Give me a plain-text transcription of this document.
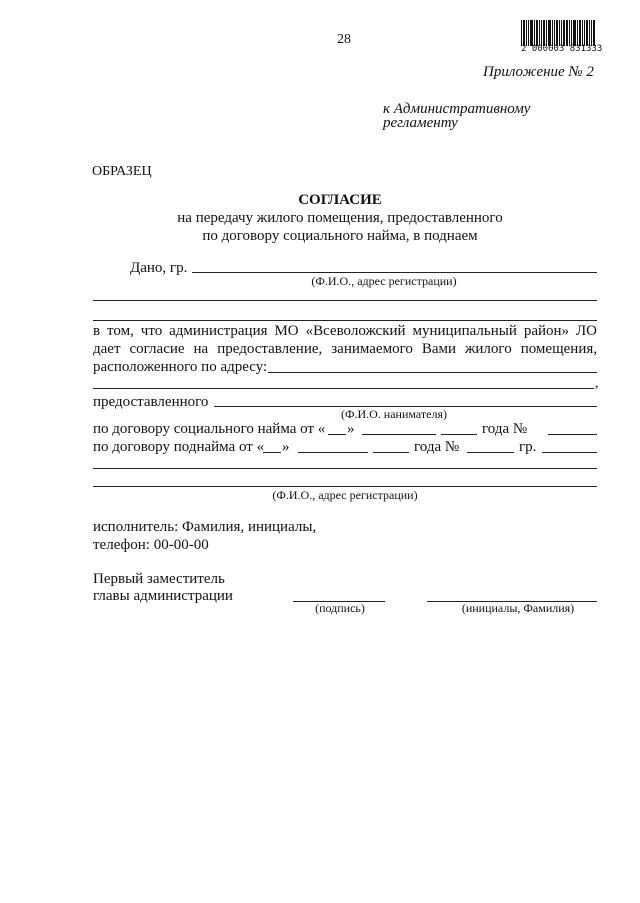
28
2 000003 831333
Приложение № 2
к Административному
регламенту
ОБРАЗЕЦ
СОГЛАСИЕ
на передачу жилого помещения, предоставленного
по договору социального найма, в поднаем
Дано, гр.
(Ф.И.О., адрес регистрации)
в том, что администрация МО «Всеволожский муниципальный район» ЛО
дает согласие на предоставление, занимаемого Вами жилого помещения,
расположенного по адресу:
,
предоставленного
(Ф.И.О. нанимателя)
по договору социального найма от « »	года №
по договору поднайма от « »	года №	гр.
(Ф.И.О., адрес регистрации)
исполнитель: Фамилия, инициалы,
телефон: 00-00-00
Первый заместитель
главы администрации
(подпись)	(инициалы, Фамилия)
